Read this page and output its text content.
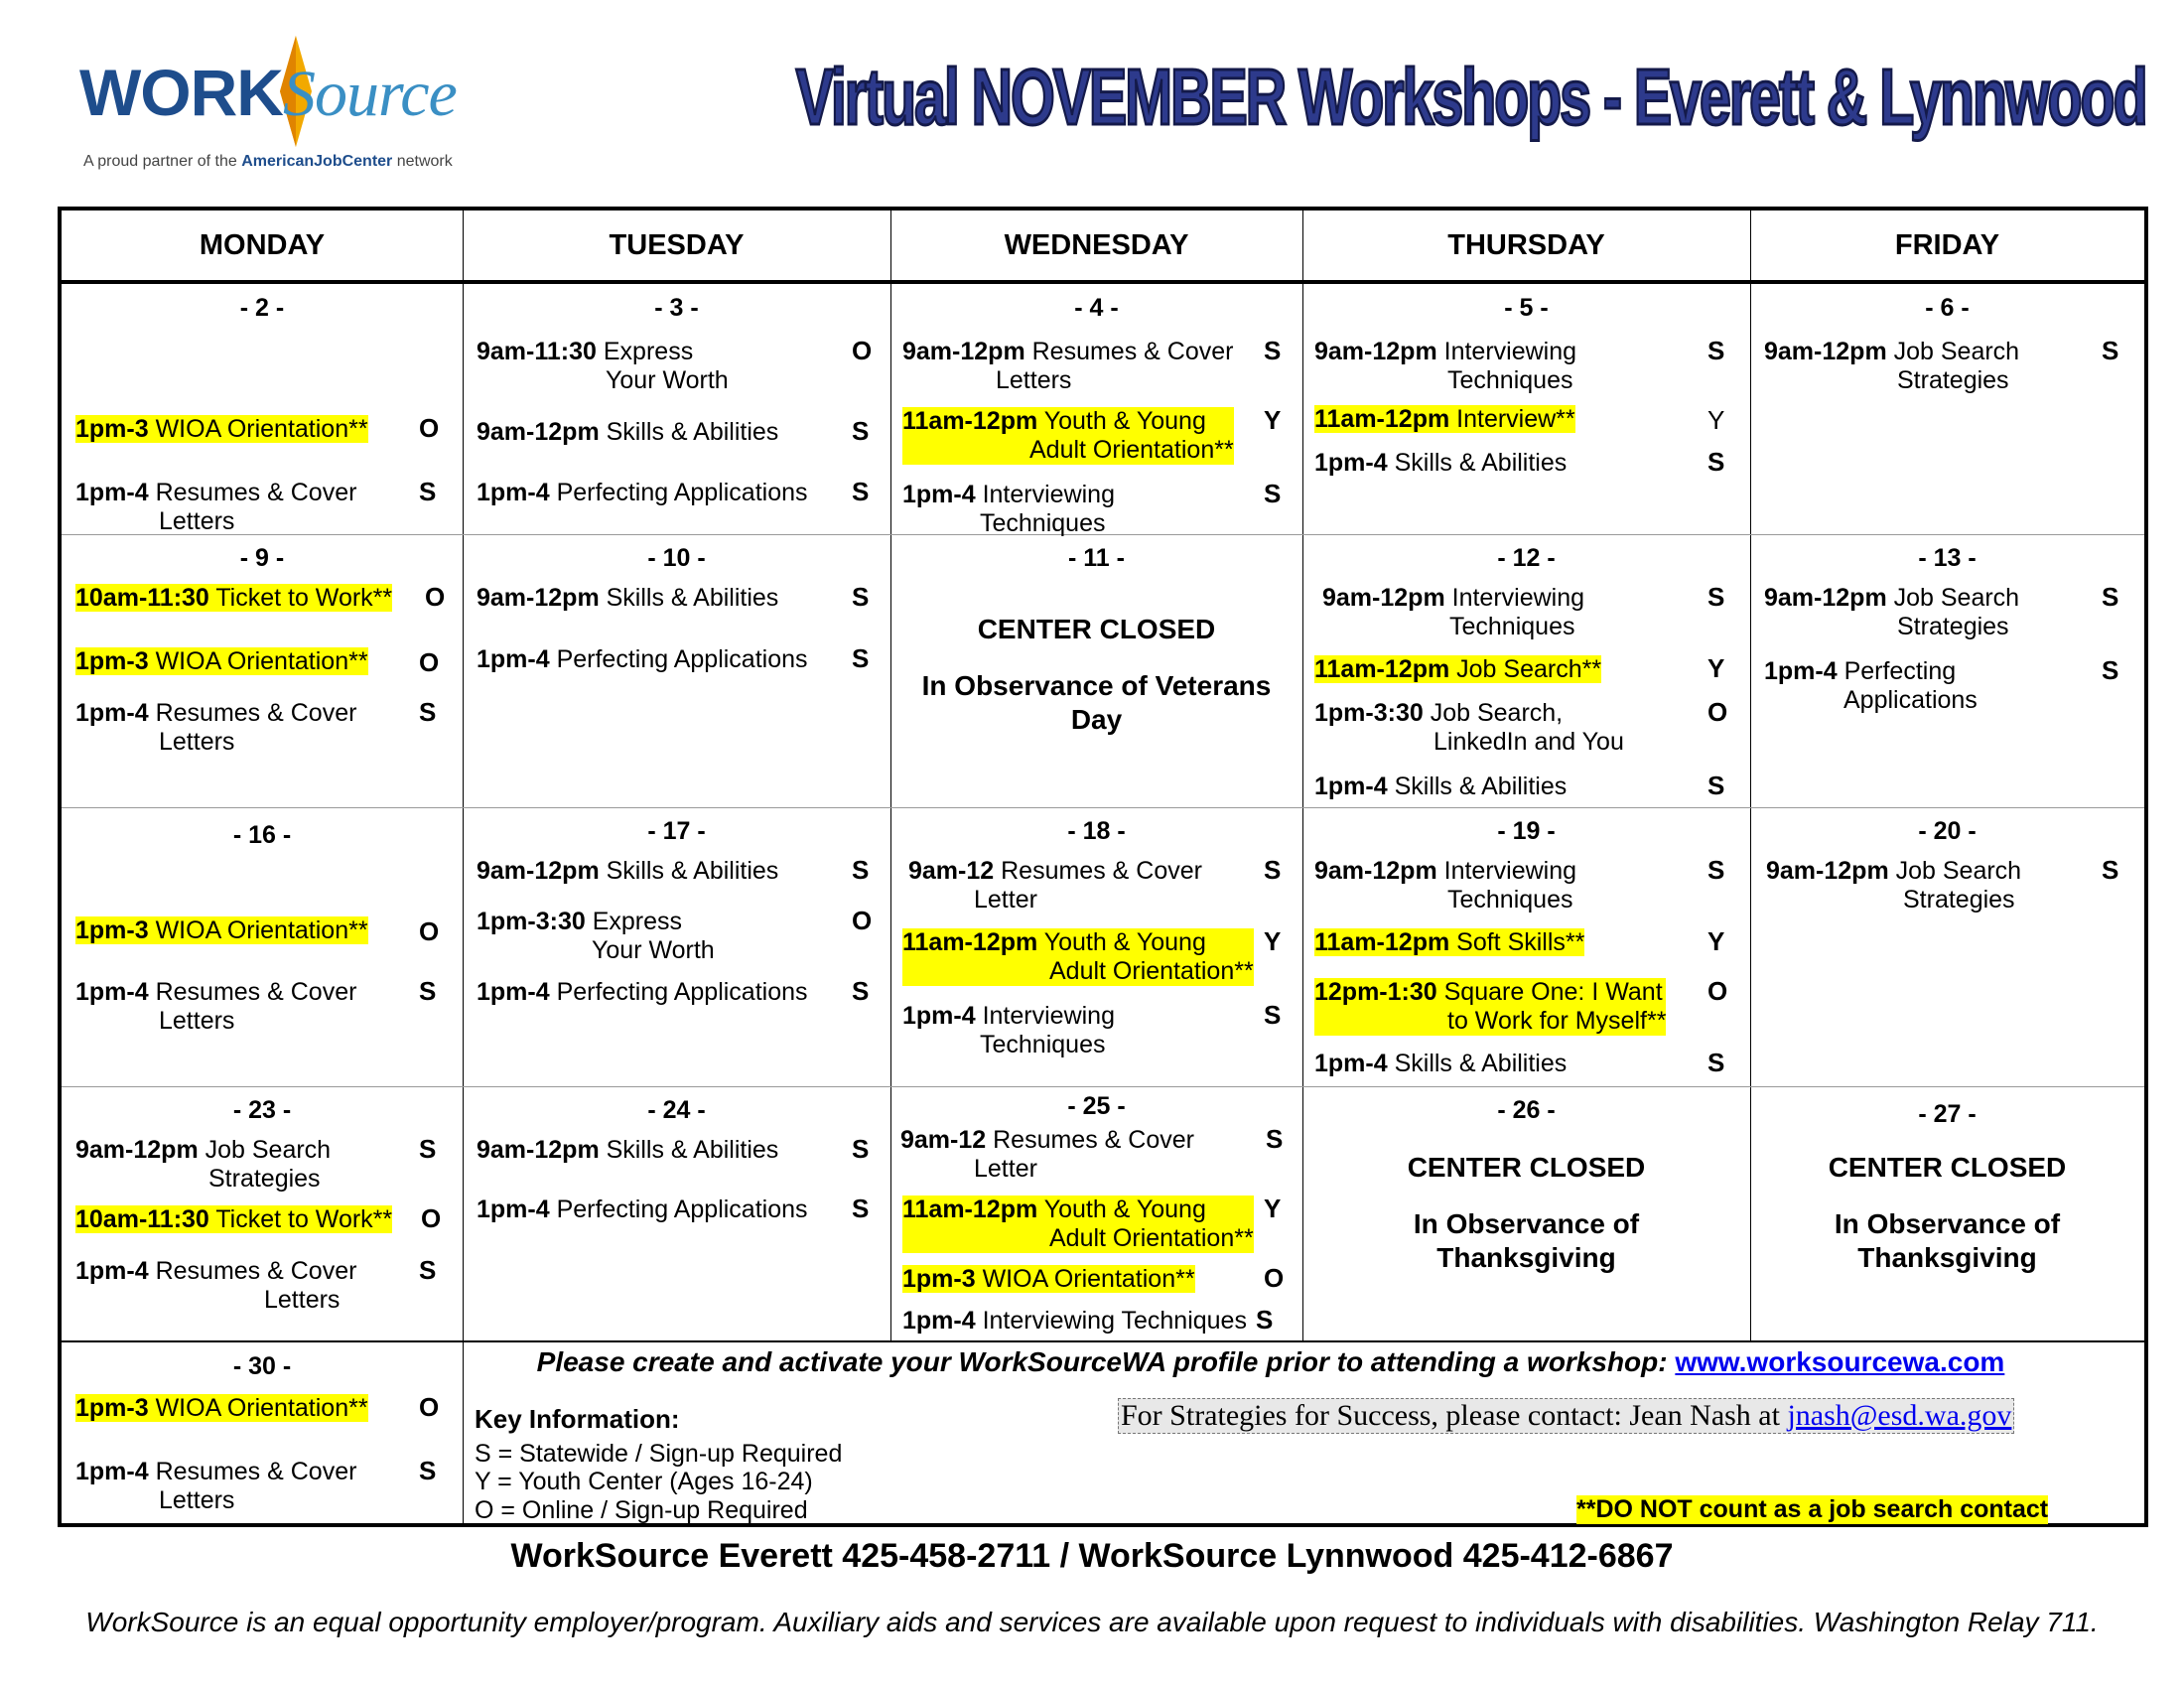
WORKSource
A proud partner of the AmericanJobCenter network
Virtual NOVEMBER Workshops - Everett & Lynnwood
MONDAY	TUESDAY	WEDNESDAY	THURSDAY	FRIDAY
- 2 -
1pm-3 WIOA Orientation** O
1pm-4 Resumes & Cover
Letters
S
- 3 -
9am-11:30 Express
Your Worth
O
9am-12pm Skills & Abilities	S
1pm-4 Perfecting Applications S
- 4 -
9am-12pm Resumes & Cover
Letters
S
11am-12pm Youth & Young
Adult Orientation**
Y
1pm-4 Interviewing
Techniques
S
- 5 -
9am-12pm Interviewing
Techniques
S
11am-12pm Interview**	Y
1pm-4 Skills & Abilities	S
- 6 -
9am-12pm Job Search
Strategies
S
- 9 -
10am-11:30 Ticket to Work** O
1pm-3 WIOA Orientation** O
1pm-4 Resumes & Cover
Letters
S
- 10 -
9am-12pm Skills & Abilities	S
1pm-4 Perfecting Applications S
- 11 -
CENTER CLOSED
In Observance of Veterans
Day
- 12 -
9am-12pm Interviewing
Techniques
S
11am-12pm Job Search**	Y
1pm-3:30 Job Search,
LinkedIn and You
O
1pm-4 Skills & Abilities	S
- 13 -
9am-12pm Job Search
Strategies
S
1pm-4 Perfecting
Applications
S
- 16 -
1pm-3 WIOA Orientation** O
1pm-4 Resumes & Cover
Letters
S
- 17 -
9am-12pm Skills & Abilities	S
1pm-3:30 Express
Your Worth
O
1pm-4 Perfecting Applications S
- 18 -
9am-12 Resumes & Cover
Letter
S
11am-12pm Youth & Young
Adult Orientation**
Y
1pm-4 Interviewing
Techniques
S
- 19 -
9am-12pm Interviewing
Techniques
S
11am-12pm Soft Skills**	Y
12pm-1:30 Square One: I Want
to Work for Myself**
O
1pm-4 Skills & Abilities	S
- 20 -
9am-12pm Job Search
Strategies
S
- 23 -
9am-12pm Job Search
Strategies
S
10am-11:30 Ticket to Work** O
1pm-4 Resumes & Cover
Letters
S
- 24 -
9am-12pm Skills & Abilities	S
1pm-4 Perfecting Applications S
- 25 -
9am-12 Resumes & Cover
Letter
S
11am-12pm Youth & Young
Adult Orientation**
Y
1pm-3 WIOA Orientation**	O
1pm-4 Interviewing Techniques S
- 26 -
CENTER CLOSED
In Observance of
Thanksgiving
- 27 -
CENTER CLOSED
In Observance of
Thanksgiving
- 30 -
1pm-3 WIOA Orientation** O
1pm-4 Resumes & Cover
Letters
S
Please create and activate your WorkSourceWA profile prior to attending a workshop: www.worksourcewa.com
Key Information:
S = Statewide / Sign-up Required
Y = Youth Center (Ages 16-24)
O = Online / Sign-up Required
For Strategies for Success, please contact: Jean Nash at jnash@esd.wa.gov
**DO NOT count as a job search contact
WorkSource Everett 425-458-2711 / WorkSource Lynnwood 425-412-6867
WorkSource is an equal opportunity employer/program. Auxiliary aids and services are available upon request to individuals with disabilities. Washington Relay 711.
